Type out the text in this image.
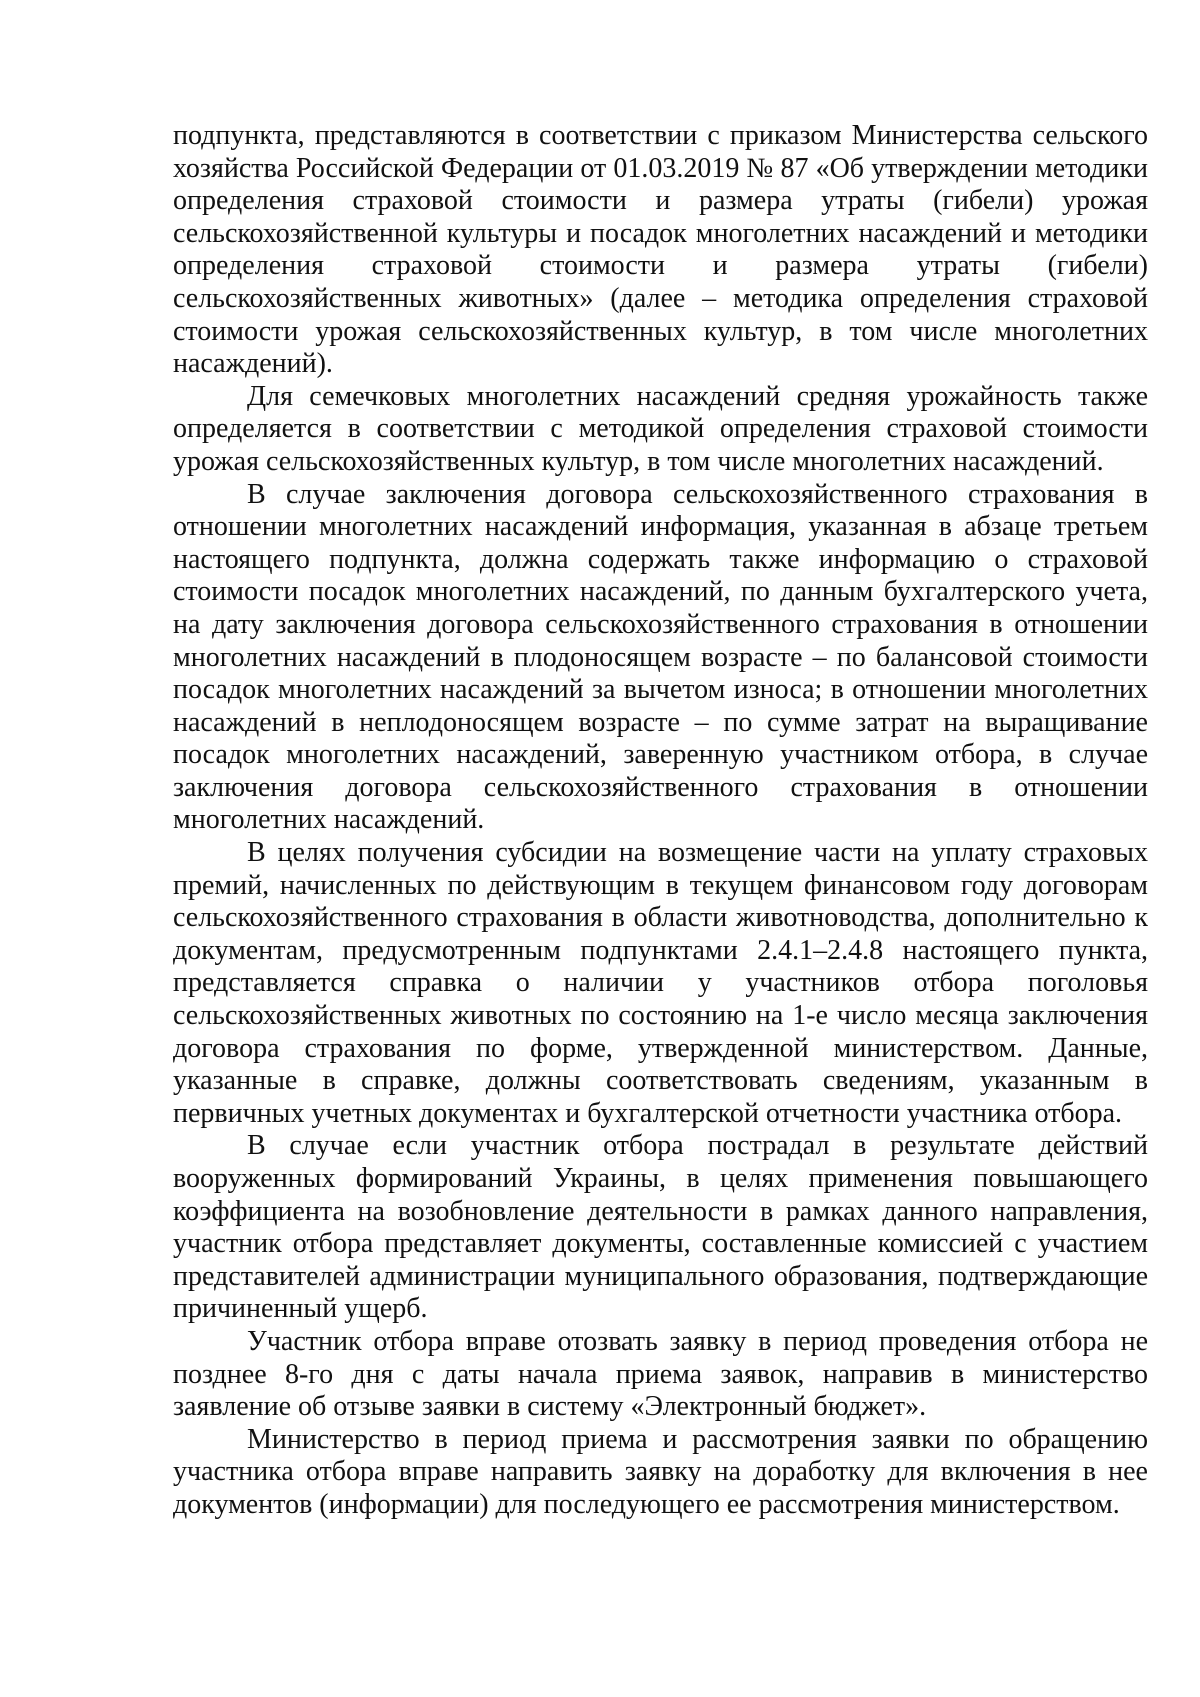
подпункта, представляются в соответствии с приказом Министерства сельского хозяйства Российской Федерации от 01.03.2019 № 87 «Об утверждении методики определения страховой стоимости и размера утраты (гибели) урожая сельскохозяйственной культуры и посадок многолетних насаждений и методики определения страховой стоимости и размера утраты (гибели) сельскохозяйственных животных» (далее – методика определения страховой стоимости урожая сельскохозяйственных культур, в том числе многолетних насаждений).

Для семечковых многолетних насаждений средняя урожайность также определяется в соответствии с методикой определения страховой стоимости урожая сельскохозяйственных культур, в том числе многолетних насаждений.

В случае заключения договора сельскохозяйственного страхования в отношении многолетних насаждений информация, указанная в абзаце третьем настоящего подпункта, должна содержать также информацию о страховой стоимости посадок многолетних насаждений, по данным бухгалтерского учета, на дату заключения договора сельскохозяйственного страхования в отношении многолетних насаждений в плодоносящем возрасте – по балансовой стоимости посадок многолетних насаждений за вычетом износа; в отношении многолетних насаждений в неплодоносящем возрасте – по сумме затрат на выращивание посадок многолетних насаждений, заверенную участником отбора, в случае заключения договора сельскохозяйственного страхования в отношении многолетних насаждений.

В целях получения субсидии на возмещение части на уплату страховых премий, начисленных по действующим в текущем финансовом году договорам сельскохозяйственного страхования в области животноводства, дополнительно к документам, предусмотренным подпунктами 2.4.1–2.4.8 настоящего пункта, представляется справка о наличии у участников отбора поголовья сельскохозяйственных животных по состоянию на 1-е число месяца заключения договора страхования по форме, утвержденной министерством. Данные, указанные в справке, должны соответствовать сведениям, указанным в первичных учетных документах и бухгалтерской отчетности участника отбора.

В случае если участник отбора пострадал в результате действий вооруженных формирований Украины, в целях применения повышающего коэффициента на возобновление деятельности в рамках данного направления, участник отбора представляет документы, составленные комиссией с участием представителей администрации муниципального образования, подтверждающие причиненный ущерб.

Участник отбора вправе отозвать заявку в период проведения отбора не позднее 8-го дня с даты начала приема заявок, направив в министерство заявление об отзыве заявки в систему «Электронный бюджет».

Министерство в период приема и рассмотрения заявки по обращению участника отбора вправе направить заявку на доработку для включения в нее документов (информации) для последующего ее рассмотрения министерством.
